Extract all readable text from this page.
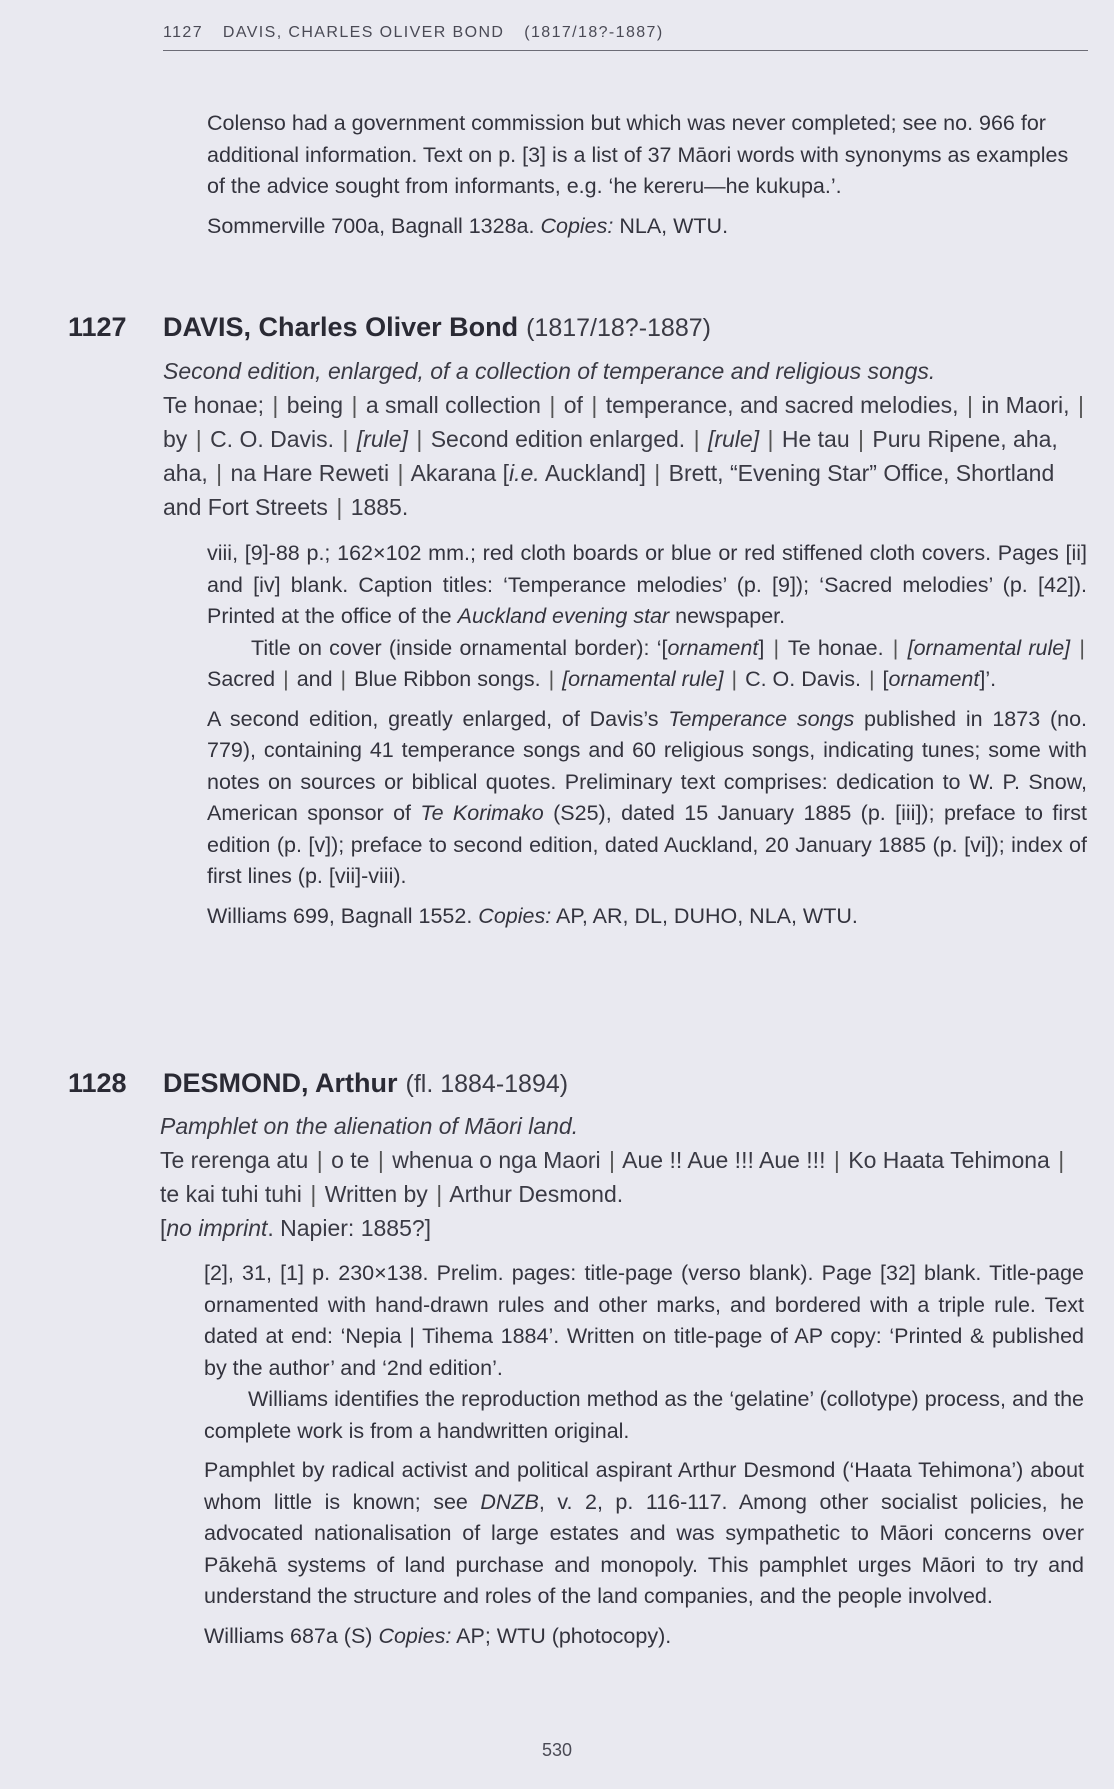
1127 DAVIS, CHARLES OLIVER BOND (1817/18?-1887)
Colenso had a government commission but which was never completed; see no. 966 for additional information. Text on p. [3] is a list of 37 Māori words with synonyms as examples of the advice sought from informants, e.g. ‘he kereru—he kukupa.’.
Sommerville 700a, Bagnall 1328a. Copies: NLA, WTU.
1127 DAVIS, Charles Oliver Bond (1817/18?-1887)
Second edition, enlarged, of a collection of temperance and religious songs.
Te honae; | being | a small collection | of | temperance, and sacred melodies, | in Maori, | by | C. O. Davis. | [rule] | Second edition enlarged. | [rule] | He tau | Puru Ripene, aha, aha, | na Hare Reweti | Akarana [i.e. Auckland] | Brett, “Evening Star” Office, Shortland and Fort Streets | 1885.
viii, [9]-88 p.; 162×102 mm.; red cloth boards or blue or red stiffened cloth covers. Pages [ii] and [iv] blank. Caption titles: ‘Temperance melodies’ (p. [9]); ‘Sacred melodies’ (p. [42]). Printed at the office of the Auckland evening star newspaper.
Title on cover (inside ornamental border): ‘[ornament] | Te honae. | [ornamental rule] | Sacred | and | Blue Ribbon songs. | [ornamental rule] | C. O. Davis. | [ornament]’.
A second edition, greatly enlarged, of Davis’s Temperance songs published in 1873 (no. 779), containing 41 temperance songs and 60 religious songs, indicating tunes; some with notes on sources or biblical quotes. Preliminary text comprises: dedication to W. P. Snow, American sponsor of Te Korimako (S25), dated 15 January 1885 (p. [iii]); preface to first edition (p. [v]); preface to second edition, dated Auckland, 20 January 1885 (p. [vi]); index of first lines (p. [vii]-viii).
Williams 699, Bagnall 1552. Copies: AP, AR, DL, DUHO, NLA, WTU.
1128 DESMOND, Arthur (fl. 1884-1894)
Pamphlet on the alienation of Māori land.
Te rerenga atu | o te | whenua o nga Maori | Aue !! Aue !!! Aue !!! | Ko Haata Tehimona | te kai tuhi tuhi | Written by | Arthur Desmond.
[no imprint. Napier: 1885?]
[2], 31, [1] p. 230×138. Prelim. pages: title-page (verso blank). Page [32] blank. Title-page ornamented with hand-drawn rules and other marks, and bordered with a triple rule. Text dated at end: ‘Nepia | Tihema 1884’. Written on title-page of AP copy: ‘Printed & published by the author’ and ‘2nd edition’.
Williams identifies the reproduction method as the ‘gelatine’ (collotype) process, and the complete work is from a handwritten original.
Pamphlet by radical activist and political aspirant Arthur Desmond (‘Haata Tehimona’) about whom little is known; see DNZB, v. 2, p. 116-117. Among other socialist policies, he advocated nationalisation of large estates and was sympathetic to Māori concerns over Pākehā systems of land purchase and monopoly. This pamphlet urges Māori to try and understand the structure and roles of the land companies, and the people involved.
Williams 687a (S) Copies: AP; WTU (photocopy).
530
